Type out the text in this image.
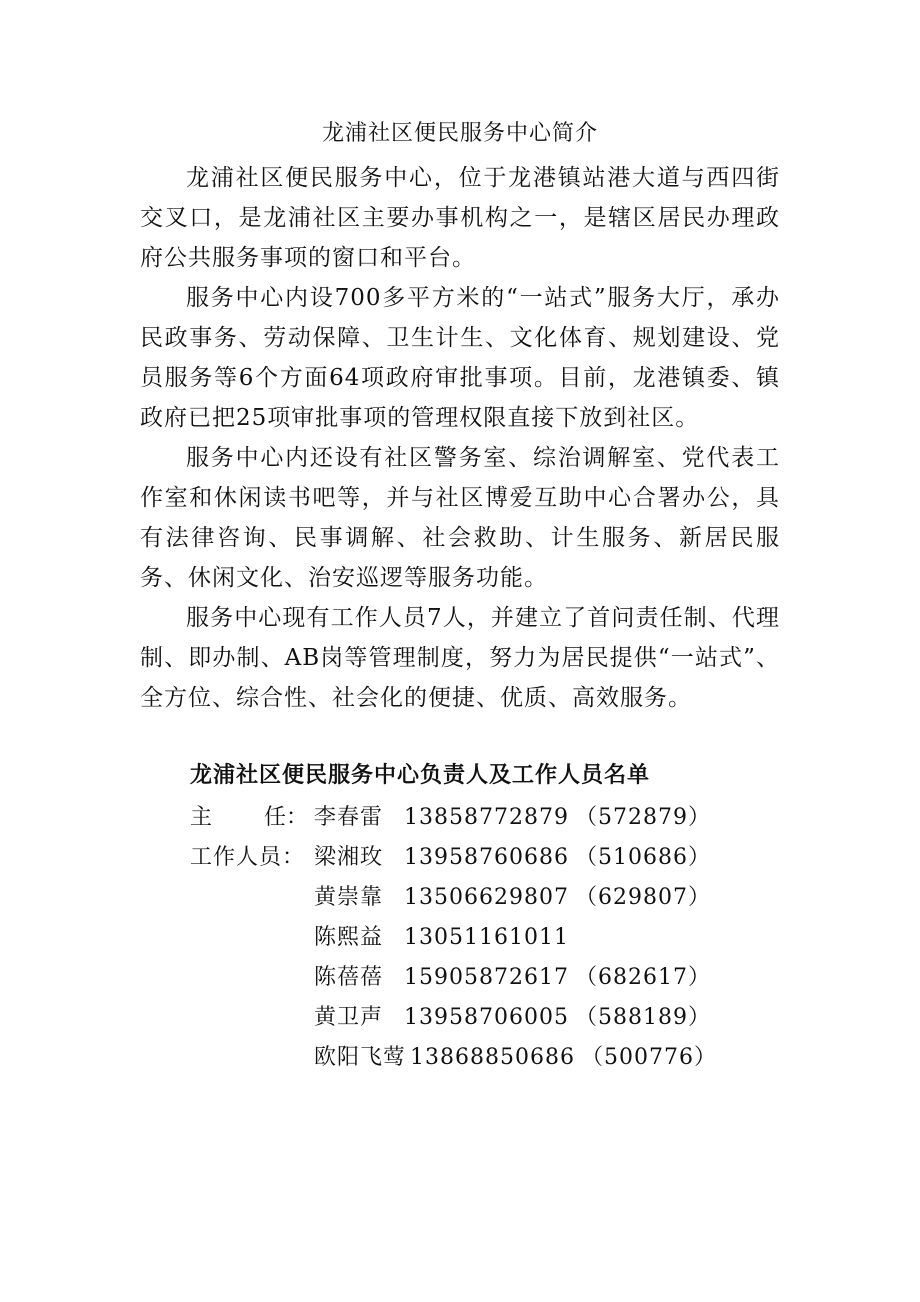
龙浦社区便民服务中心简介

龙浦社区便民服务中心，位于龙港镇站港大道与西四街交叉口，是龙浦社区主要办事机构之一，是辖区居民办理政府公共服务事项的窗口和平台。

服务中心内设700多平方米的“一站式”服务大厅，承办民政事务、劳动保障、卫生计生、文化体育、规划建设、党员服务等6个方面64项政府审批事项。目前，龙港镇委、镇政府已把25项审批事项的管理权限直接下放到社区。

服务中心内还设有社区警务室、综治调解室、党代表工作室和休闲读书吧等，并与社区博爱互助中心合署办公，具有法律咨询、民事调解、社会救助、计生服务、新居民服务、休闲文化、治安巡逻等服务功能。

服务中心现有工作人员7人，并建立了首问责任制、代理制、即办制、AB岗等管理制度，努力为居民提供“一站式”、全方位、综合性、社会化的便捷、优质、高效服务。

龙浦社区便民服务中心负责人及工作人员名单
主 任： 李春雷 13858772879 （572879）
工作人员： 梁湘玫 13958760686 （510686）
黄崇靠 13506629807 （629807）
陈熙益 13051161011
陈蓓蓓 15905872617 （682617）
黄卫声 13958706005 （588189）
欧阳飞莺 13868850686 （500776）
